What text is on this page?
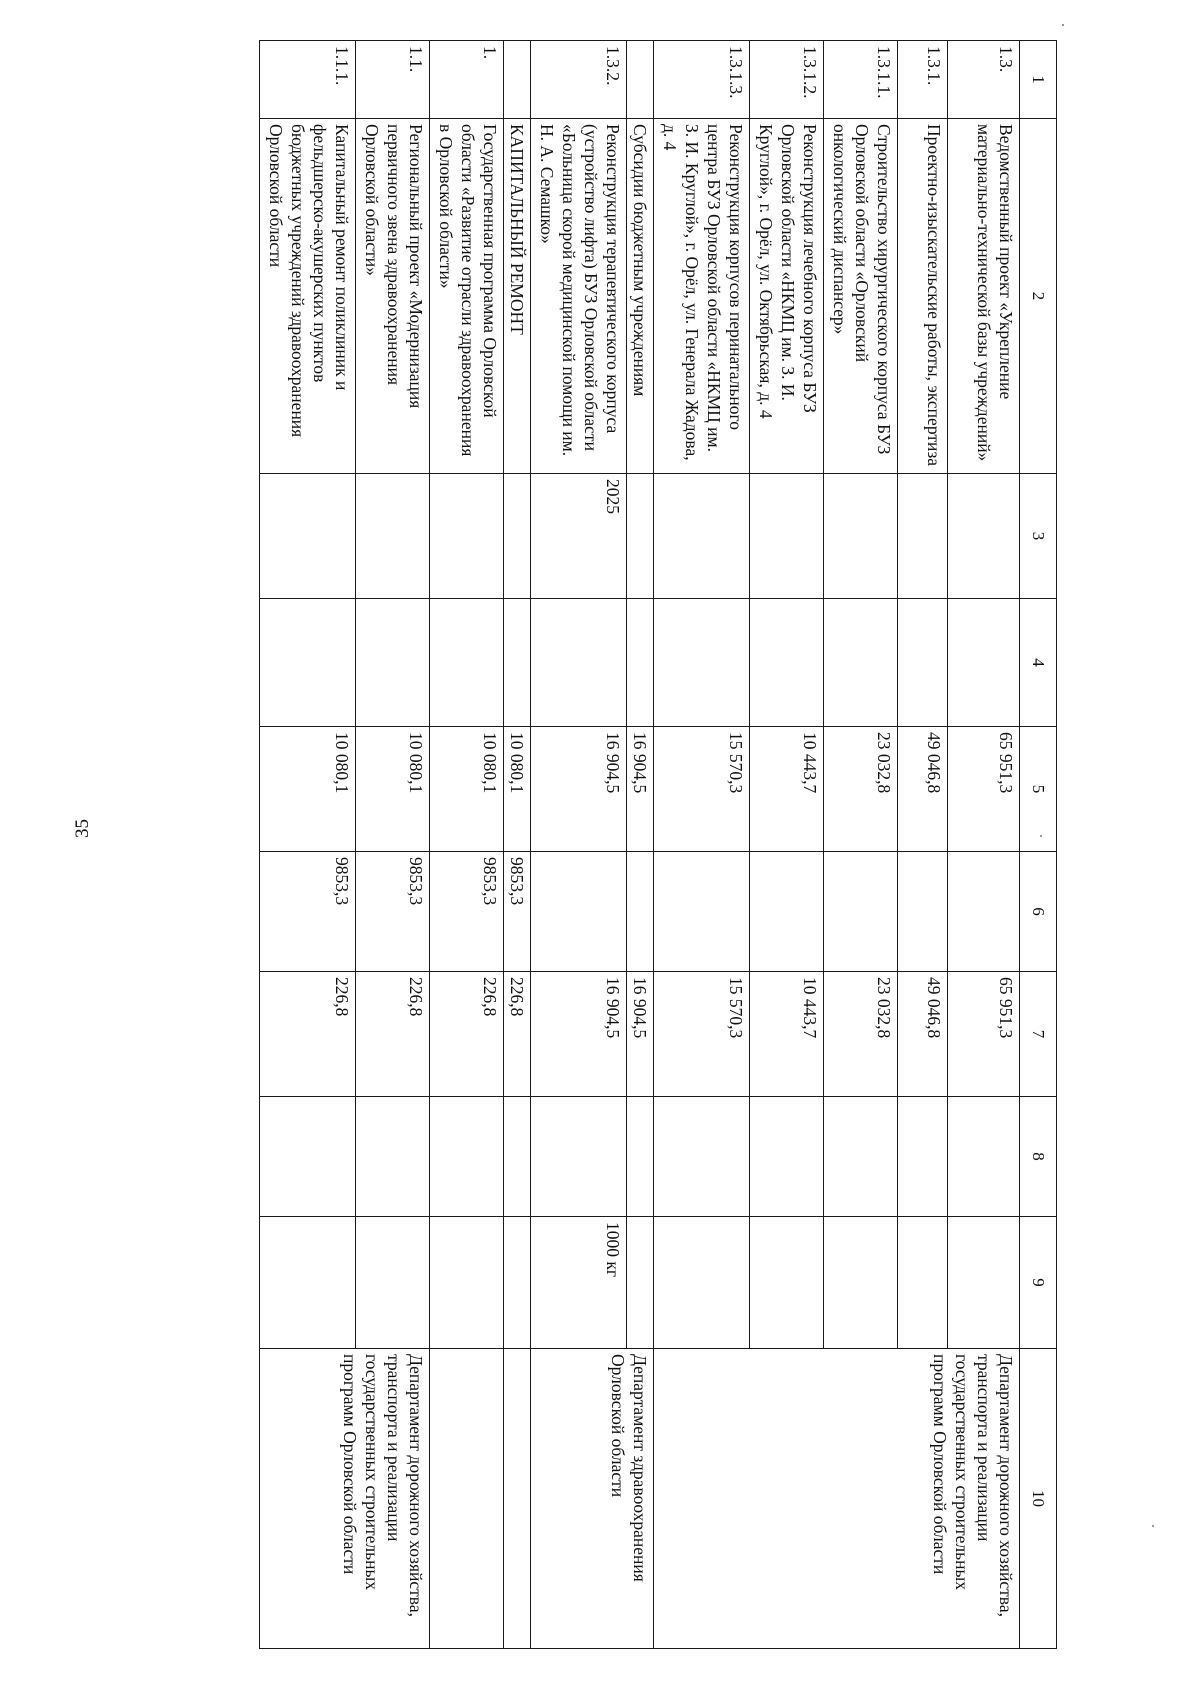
35
1	2	3	4	5	6	7	8	9	10
1.3.	Ведомственный проект «Укрепление материально-технической базы учреждений»			65 951,3		65 951,3			Департамент дорожного хозяйства, транспорта и реализации государственных строительных программ Орловской области
1.3.1.	Проектно-изыскательские работы, экспертиза			49 046,8		49 046,8			
1.3.1.1.	Строительство хирургического корпуса БУЗ Орловской области «Орловский онкологический диспансер»			23 032,8		23 032,8			
1.3.1.2.	Реконструкция лечебного корпуса БУЗ Орловской области «НКМЦ им. З. И. Круглой», г. Орёл, ул. Октябрьская, д. 4			10 443,7		10 443,7			
1.3.1.3.	Реконструкция корпусов перинатального центра БУЗ Орловской области «НКМЦ им. З. И. Круглой», г. Орёл, ул. Генерала Жадова, д. 4			15 570,3		15 570,3			
	Субсидии бюджетным учреждениям			16 904,5		16 904,5			Департамент здравоохранения Орловской области
1.3.2.	Реконструкция терапевтического корпуса (устройство лифта) БУЗ Орловской области «Больница скорой медицинской помощи им. Н. А. Семашко»	2025		16 904,5		16 904,5		1000 кг	
	КАПИТАЛЬНЫЙ РЕМОНТ			10 080,1	9853,3	226,8			
1.	Государственная программа Орловской области «Развитие отрасли здравоохранения в Орловской области»			10 080,1	9853,3	226,8			
1.1.	Региональный проект «Модернизация первичного звена здравоохранения Орловской области»			10 080,1	9853,3	226,8			Департамент дорожного хозяйства, транспорта и реализации государственных строительных программ Орловской области
1.1.1.	Капитальный ремонт поликлиник и фельдшерско-акушерских пунктов бюджетных учреждений здравоохранения Орловской области			10 080,1	9853,3	226,8			
